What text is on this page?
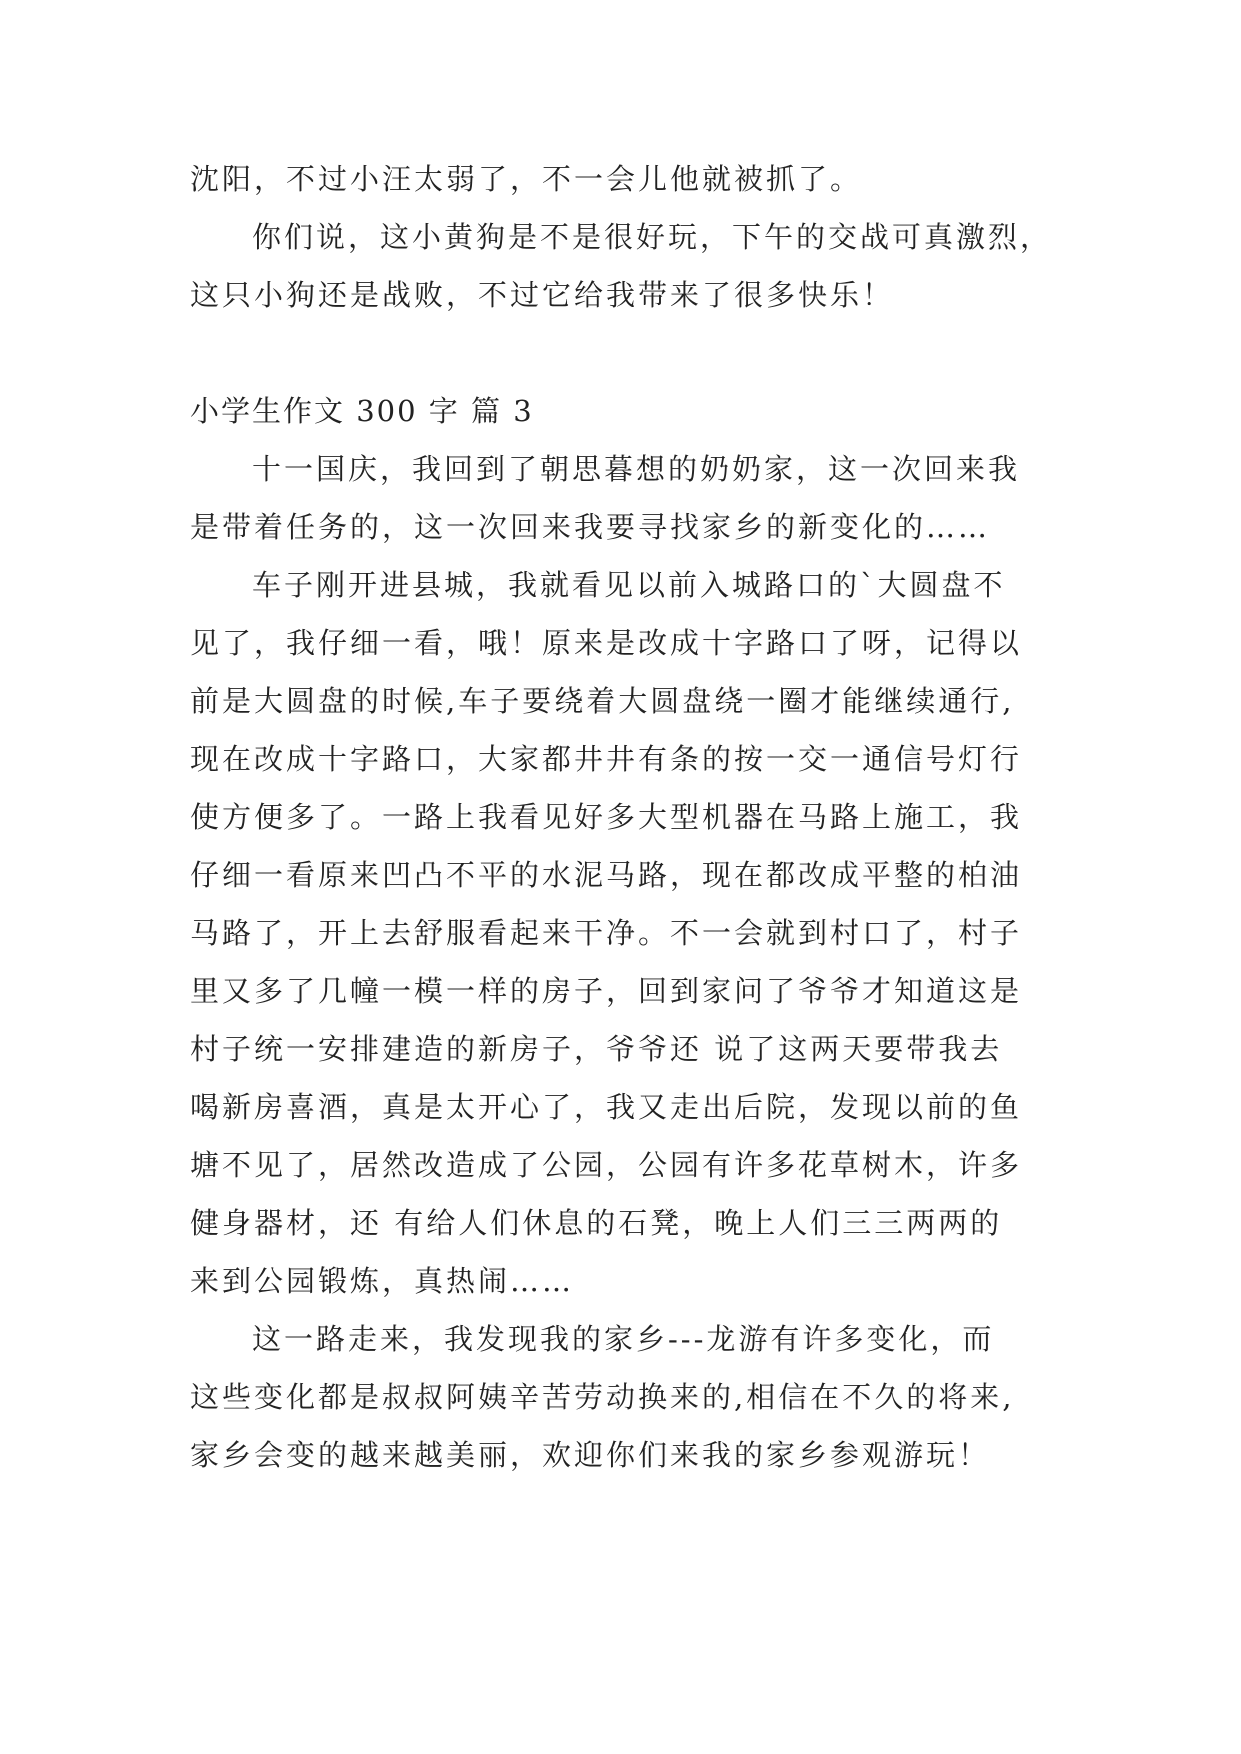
沈阳，不过小汪太弱了，不一会儿他就被抓了。
你们说，这小黄狗是不是很好玩，下午的交战可真激烈，
这只小狗还是战败，不过它给我带来了很多快乐！
小学生作文 300 字 篇 3
十一国庆，我回到了朝思暮想的奶奶家，这一次回来我
是带着任务的，这一次回来我要寻找家乡的新变化的……
车子刚开进县城，我就看见以前入城路口的`大圆盘不
见了，我仔细一看，哦！原来是改成十字路口了呀，记得以
前是大圆盘的时候,车子要绕着大圆盘绕一圈才能继续通行,
现在改成十字路口，大家都井井有条的按一交一通信号灯行
使方便多了。一路上我看见好多大型机器在马路上施工，我
仔细一看原来凹凸不平的水泥马路，现在都改成平整的柏油
马路了，开上去舒服看起来干净。不一会就到村口了，村子
里又多了几幢一模一样的房子，回到家问了爷爷才知道这是
村子统一安排建造的新房子，爷爷还 说了这两天要带我去
喝新房喜酒，真是太开心了，我又走出后院，发现以前的鱼
塘不见了，居然改造成了公园，公园有许多花草树木，许多
健身器材，还 有给人们休息的石凳，晚上人们三三两两的
来到公园锻炼，真热闹……
这一路走来，我发现我的家乡---龙游有许多变化，而
这些变化都是叔叔阿姨辛苦劳动换来的,相信在不久的将来,
家乡会变的越来越美丽，欢迎你们来我的家乡参观游玩！
